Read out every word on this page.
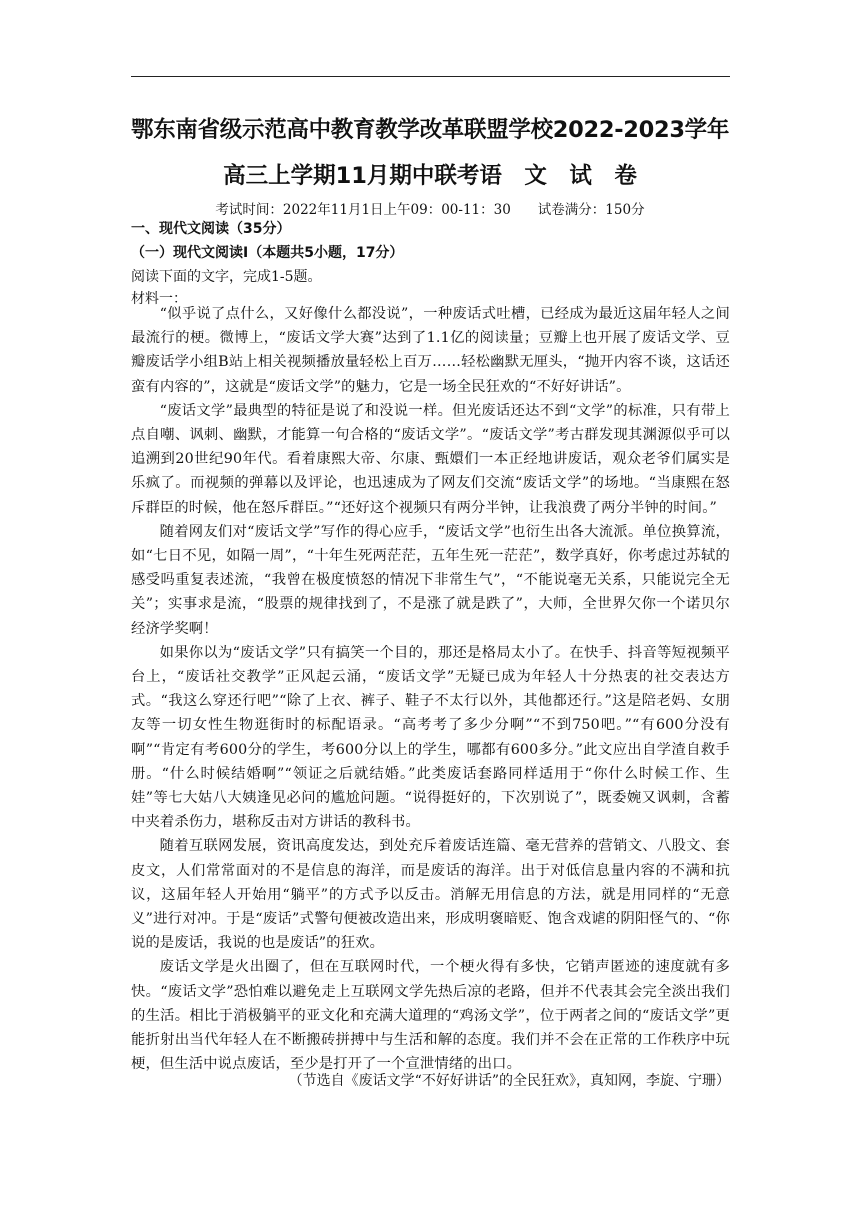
鄂东南省级示范高中教育教学改革联盟学校2022-2023学年
高三上学期11月期中联考语　文　试　卷
考试时间：2022年11月1日上午09：00-11：30　　试卷满分：150分
一、现代文阅读（35分）
（一）现代文阅读Ⅰ（本题共5小题，17分）
阅读下面的文字，完成1-5题。
材料一：

“似乎说了点什么，又好像什么都没说”，一种废话式吐槽，已经成为最近这届年轻人之间最流行的梗。微博上，“废话文学大赛”达到了1.1亿的阅读量；豆瓣上也开展了废话文学、豆瓣废话学小组B站上相关视频播放量轻松上百万……轻松幽默无厘头，“抛开内容不谈，这话还蛮有内容的”，这就是“废话文学”的魅力，它是一场全民狂欢的“不好好讲话”。

“废话文学”最典型的特征是说了和没说一样。但光废话还达不到“文学”的标准，只有带上点自嘲、讽刺、幽默，才能算一句合格的“废话文学”。“废话文学”考古群发现其渊源似乎可以追溯到20世纪90年代。看着康熙大帝、尔康、甄嬛们一本正经地讲废话，观众老爷们属实是乐疯了。而视频的弹幕以及评论，也迅速成为了网友们交流“废话文学”的场地。“当康熙在怒斥群臣的时候，他在怒斥群臣。”“还好这个视频只有两分半钟，让我浪费了两分半钟的时间。”

随着网友们对“废话文学”写作的得心应手，“废话文学”也衍生出各大流派。单位换算流，如“七日不见，如隔一周”，“十年生死两茫茫，五年生死一茫茫”，数学真好，你考虑过苏轼的感受吗重复表述流，“我曾在极度愤怒的情况下非常生气”，“不能说毫无关系，只能说完全无关”；实事求是流，“股票的规律找到了，不是涨了就是跌了”，大师，全世界欠你一个诺贝尔经济学奖啊！

如果你以为“废话文学”只有搞笑一个目的，那还是格局太小了。在快手、抖音等短视频平台上，“废话社交教学”正风起云涌，“废话文学”无疑已成为年轻人十分热衷的社交表达方式。“我这么穿还行吧”“除了上衣、裤子、鞋子不太行以外，其他都还行。”这是陪老妈、女朋友等一切女性生物逛街时的标配语录。“高考考了多少分啊”“不到750吧。”“有600分没有啊”“肯定有考600分的学生，考600分以上的学生，哪都有600多分。”此文应出自学渣自救手册。“什么时候结婚啊”“领证之后就结婚。”此类废话套路同样适用于“你什么时候工作、生娃”等七大姑八大姨逢见必问的尴尬问题。“说得挺好的，下次别说了”，既委婉又讽刺，含蓄中夹着杀伤力，堪称反击对方讲话的教科书。

随着互联网发展，资讯高度发达，到处充斥着废话连篇、毫无营养的营销文、八股文、套皮文，人们常常面对的不是信息的海洋，而是废话的海洋。出于对低信息量内容的不满和抗议，这届年轻人开始用“躺平”的方式予以反击。消解无用信息的方法，就是用同样的“无意义”进行对冲。于是“废话”式警句便被改造出来，形成明褒暗贬、饱含戏谑的阴阳怪气的、“你说的是废话，我说的也是废话”的狂欢。

废话文学是火出圈了，但在互联网时代，一个梗火得有多快，它销声匿迹的速度就有多快。“废话文学”恐怕难以避免走上互联网文学先热后凉的老路，但并不代表其会完全淡出我们的生活。相比于消极躺平的亚文化和充满大道理的“鸡汤文学”，位于两者之间的“废话文学”更能折射出当代年轻人在不断搬砖拼搏中与生活和解的态度。我们并不会在正常的工作秩序中玩梗，但生活中说点废话，至少是打开了一个宣泄情绪的出口。

（节选自《废话文学“不好好讲话”的全民狂欢》，真知网，李旋、宁珊）
